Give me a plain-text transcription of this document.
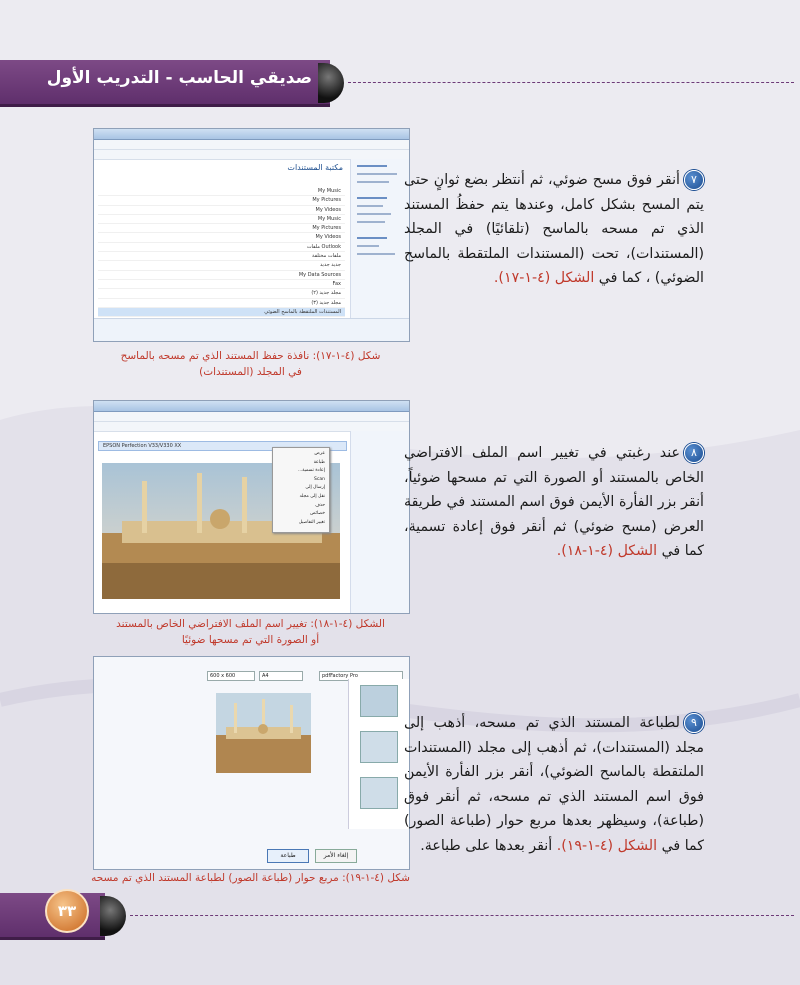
صديقي الحاسب - التدريب الأول
مكتبة المستندات
My Music
My Pictures
My Videos
My Music
My Pictures
My Videos
Outlook ملفات
ملفات مختلفة
جديد جديد
My Data Sources
Fax
مجلد جديد (٢)
مجلد جديد (٣)
المستندات الملتقطة بالماسح الضوئي
شكل (٤-١-١٧): نافذة حفظ المستند الذي تم مسحه بالماسح
في المجلد (المستندات)
٧أنقر فوق مسح ضوئي، ثم أنتظر بضع ثوانٍ حتى يتم المسح بشكل كامل، وعندها يتم حفظُ المستند الذي تم مسحه بالماسح (تلقائيًا) في المجلد (المستندات)، تحت (المستندات الملتقطة بالماسح الضوئي) ، كما في الشكل (٤-١-١٧).
EPSON Perfection V33/V330 XX
عرض
طباعة
إعادة تسمية...
Scan
إرسال إلى
نقل إلى مجلد
حذف
خصائص
تغيير التفاصيل
الشكل (٤-١-١٨): تغيير اسم الملف الافتراضي الخاص بالمستند
أو الصورة التي تم مسحها ضوئيًا
٨عند رغبتي في تغيير اسم الملف الافتراضي الخاص بالمستند أو الصورة التي تم مسحها ضوئياً، أنقر بزر الفأرة الأيمن فوق اسم المستند في طريقة العرض (مسح ضوئي) ثم أنقر فوق إعادة تسمية، كما في الشكل (٤-١-١٨).
pdfFactory Pro
A4
600 x 600
طباعة	إلغاء الأمر
شكل (٤-١-١٩): مربع حوار (طباعة الصور) لطباعة المستند الذي تم مسحه
٩لطباعة المستند الذي تم مسحه، أذهب إلى مجلد (المستندات)، ثم أذهب إلى مجلد (المستندات الملتقطة بالماسح الضوئي)، أنقر بزر الفأرة الأيمن فوق اسم المستند الذي تم مسحه، ثم أنقر فوق (طباعة)، وسيظهر بعدها مربع حوار (طباعة الصور) كما في الشكل (٤-١-١٩). أنقر بعدها على طباعة.
٣٣
